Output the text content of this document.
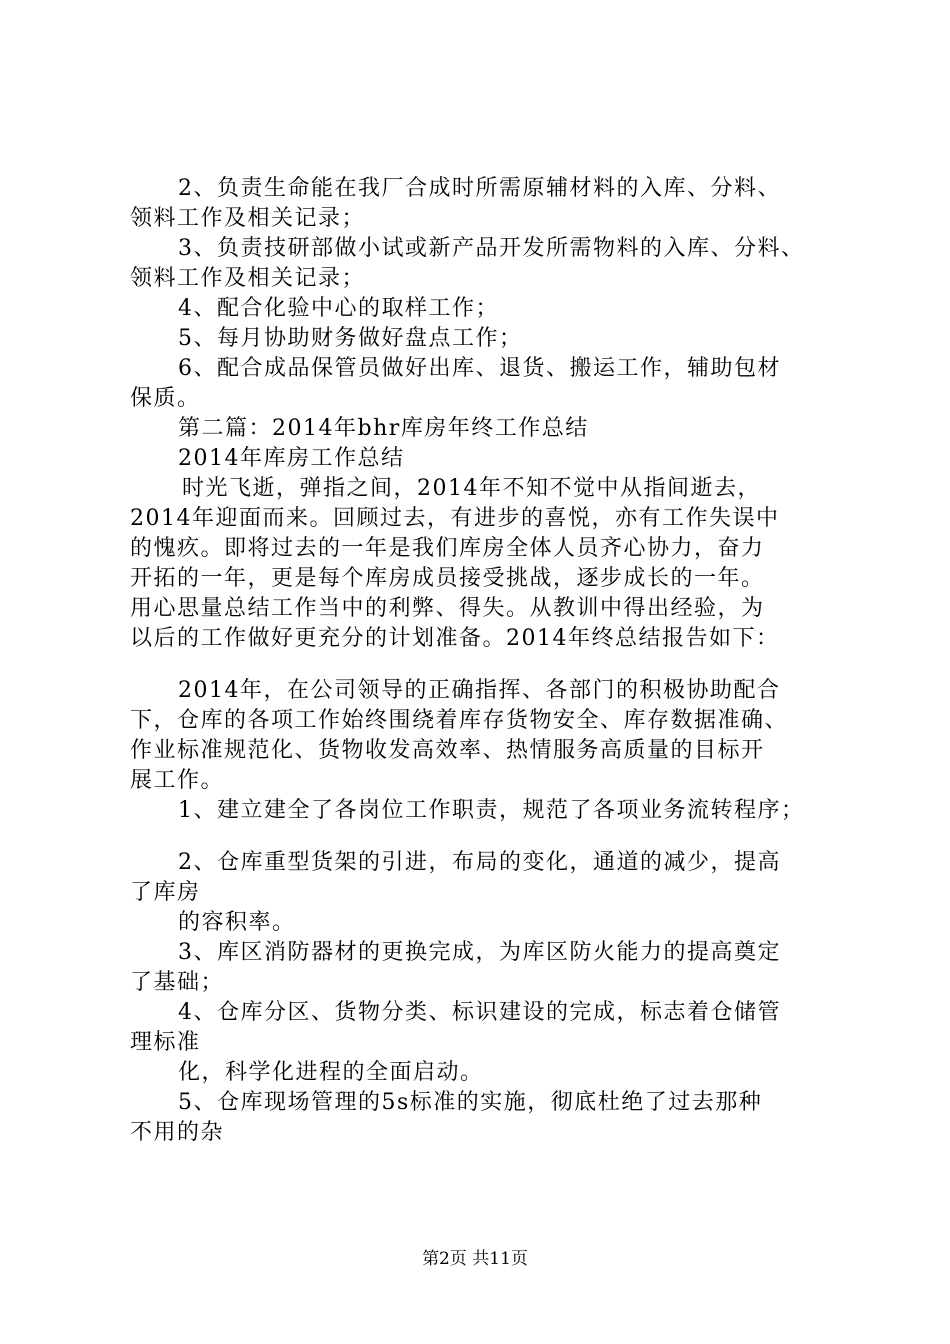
2、负责生命能在我厂合成时所需原辅材料的入库、分料、
领料工作及相关记录；
3、负责技研部做小试或新产品开发所需物料的入库、分料、
领料工作及相关记录；
4、配合化验中心的取样工作；
5、每月协助财务做好盘点工作；
6、配合成品保管员做好出库、退货、搬运工作，辅助包材
保质。
第二篇：2014年bhr库房年终工作总结
2014年库房工作总结
时光飞逝，弹指之间，2014年不知不觉中从指间逝去，
2014年迎面而来。回顾过去，有进步的喜悦，亦有工作失误中
的愧疚。即将过去的一年是我们库房全体人员齐心协力，奋力
开拓的一年，更是每个库房成员接受挑战，逐步成长的一年。
用心思量总结工作当中的利弊、得失。从教训中得出经验，为
以后的工作做好更充分的计划准备。2014年终总结报告如下：
2014年，在公司领导的正确指挥、各部门的积极协助配合
下，仓库的各项工作始终围绕着库存货物安全、库存数据准确、
作业标准规范化、货物收发高效率、热情服务高质量的目标开
展工作。
1、建立建全了各岗位工作职责，规范了各项业务流转程序；
2、仓库重型货架的引进，布局的变化，通道的减少，提高
了库房
的容积率。
3、库区消防器材的更换完成，为库区防火能力的提高奠定
了基础；
4、仓库分区、货物分类、标识建设的完成，标志着仓储管
理标准
化，科学化进程的全面启动。
5、仓库现场管理的5s标准的实施，彻底杜绝了过去那种
不用的杂
第2页 共11页
